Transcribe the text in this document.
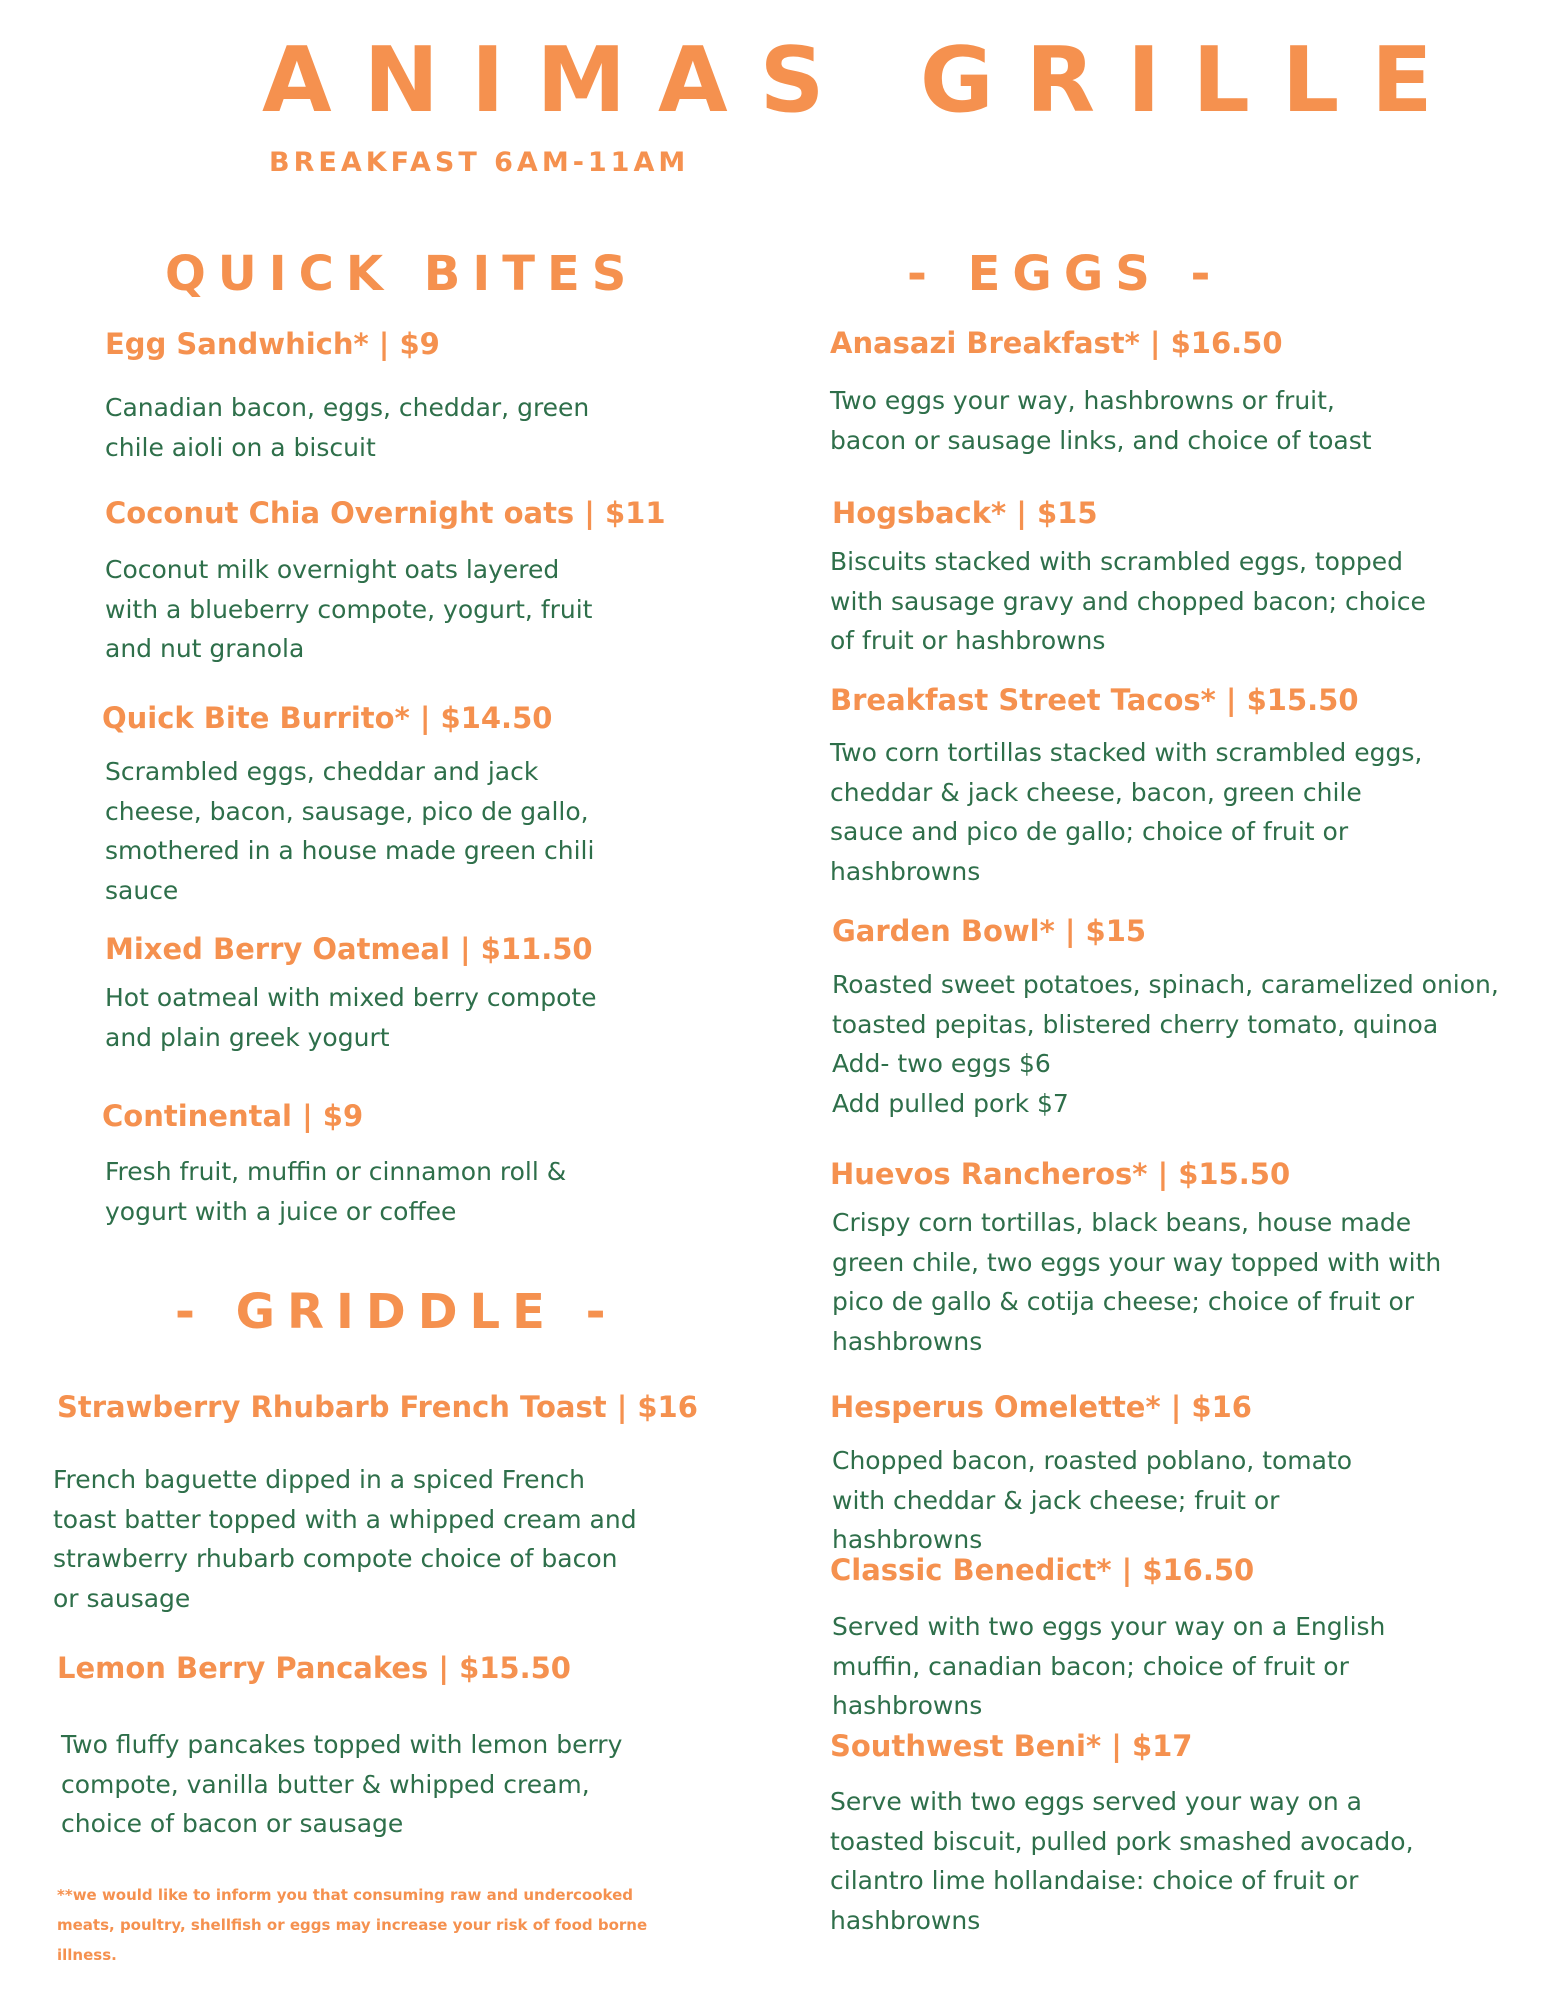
ANIMAS GRILLE
BREAKFAST 6AM-11AM
QUICK BITES	- EGGS -
- GRIDDLE -
Egg Sandwhich* | $9
Canadian bacon, eggs, cheddar, green
chile aioli on a biscuit
Coconut Chia Overnight oats | $11
Coconut milk overnight oats layered
with a blueberry compote, yogurt, fruit
and nut granola
Quick Bite Burrito* | $14.50
Scrambled eggs, cheddar and jack
cheese, bacon, sausage, pico de gallo,
smothered in a house made green chili
sauce
Mixed Berry Oatmeal | $11.50
Hot oatmeal with mixed berry compote
and plain greek yogurt
Continental | $9
Fresh fruit, muffin or cinnamon roll &
yogurt with a juice or coffee
Strawberry Rhubarb French Toast | $16
French baguette dipped in a spiced French
toast batter topped with a whipped cream and
strawberry rhubarb compote choice of bacon
or sausage
Lemon Berry Pancakes | $15.50
Two fluffy pancakes topped with lemon berry
compote, vanilla butter & whipped cream,
choice of bacon or sausage
**we would like to inform you that consuming raw and undercooked meats, poultry, shellfish or eggs may increase your risk of food borne illness.
Anasazi Breakfast* | $16.50
Two eggs your way, hashbrowns or fruit,
bacon or sausage links, and choice of toast
Hogsback* | $15
Biscuits stacked with scrambled eggs, topped
with sausage gravy and chopped bacon; choice
of fruit or hashbrowns
Breakfast Street Tacos* | $15.50
Two corn tortillas stacked with scrambled eggs,
cheddar & jack cheese, bacon, green chile
sauce and pico de gallo; choice of fruit or
hashbrowns
Garden Bowl* | $15
Roasted sweet potatoes, spinach, caramelized onion,
toasted pepitas, blistered cherry tomato, quinoa
Add- two eggs $6
Add pulled pork $7
Huevos Rancheros* | $15.50
Crispy corn tortillas, black beans, house made
green chile, two eggs your way topped with with
pico de gallo & cotija cheese; choice of fruit or
hashbrowns
Hesperus Omelette* | $16
Chopped bacon, roasted poblano, tomato
with cheddar & jack cheese; fruit or
hashbrowns
Classic Benedict* | $16.50
Served with two eggs your way on a English
muffin, canadian bacon; choice of fruit or
hashbrowns
Southwest Beni* | $17
Serve with two eggs served your way on a
toasted biscuit, pulled pork smashed avocado,
cilantro lime hollandaise: choice of fruit or
hashbrowns
